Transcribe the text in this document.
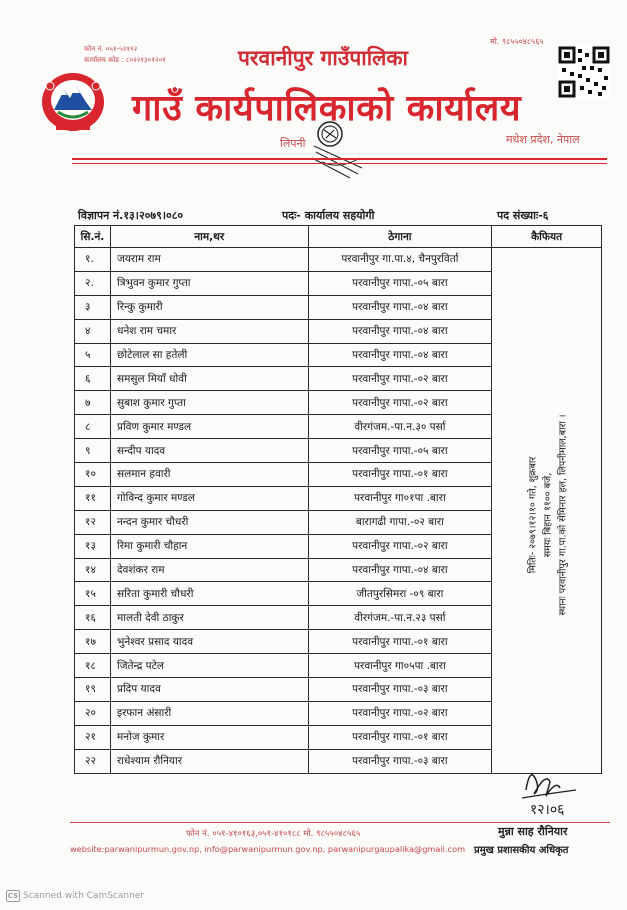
फोन नं. ०५१-५२११२
कार्यालय कोड : ८०२२१३०१२०१
मो. ९८५५०४८५६५
परवानीपुर गाउँपालिका
गाउँ कार्यपालिकाको कार्यालय
लिपनी	मधेश प्रदेश, नेपाल
विज्ञापन नं.१३।२०७९।०८०	पदः- कार्यालय सहयोगी	पद संख्याः-६
सि.नं.	नाम,थर	ठेगाना	कैफियत
१.	जयराम राम	परवानीपुर गा.पा.४, चैनपुरविर्ता	
२.	त्रिभुवन कुमार गुप्ता	परवानीपुर गापा.-०५ बारा	
३	रिन्कु कुमारी	परवानीपुर गापा.-०४ बारा	
४	धनेश राम चमार	परवानीपुर गापा.-०४ बारा	
५	छोटेलाल सा हतेली	परवानीपुर गापा.-०४ बारा	
६	समसुल मियाँ धोवी	परवानीपुर गापा.-०२ बारा	
७	सुबाश कुमार गुप्ता	परवानीपुर गापा.-०२ बारा	
८	प्रविण कुमार मण्डल	वीरगंजम.-पा.न.३० पर्सा	
९	सन्दीप यादव	परवानीपुर गापा.-०५ बारा	
१०	सलमान हवारी	परवानीपुर गापा.-०१ बारा	
११	गोविन्द कुमार मण्डल	परवानीपुर गा०१पा .बारा	
१२	नन्दन कुमार चौधरी	बारागढी गापा.-०२ बारा	
१३	रिमा कुमारी चौहान	परवानीपुर गापा.-०२ बारा	
१४	देवशंकर राम	परवानीपुर गापा.-०४ बारा	
१५	सरिता कुमारी चौधरी	जीतपुरसिमरा -०९ बारा	
१६	मालती देवी ठाकुर	वीरगंजम.-पा.न.२३ पर्सा	
१७	भुनेश्वर प्रसाद यादव	परवानीपुर गापा.-०१ बारा	
१८	जितेन्द्र पटेल	परवानीपुर गा०५पा .बारा	
१९	प्रदिप यादव	परवानीपुर गापा.-०३ बारा	
२०	इरफान अंसारी	परवानीपुर गापा.-०२ बारा	
२१	मनोज कुमार	परवानीपुर गापा.-०१ बारा	
२२	राधेश्याम रौनियार	परवानीपुर गापा.-०३ बारा	
मितिः- २०७९।१२।१० गते, शुक्रबार समयः बिहान ११०० बजे, स्थानः परवानीपुर गा.पा.को सेमिनार हल, लिपनीमाल,बारा ।
१२।०६
फोन नं. ०५१-४१०१६३,०५१-४१०१८८ मो. ९८५५०४८५६५
website:parwanipurmun.gov.np, info@parwanipurmun.gov.np, parwanipurgaupalika@gmail.com
मुन्ना साह रौनियार
प्रमुख प्रशासकीय अधिकृत
CS Scanned with CamScanner
